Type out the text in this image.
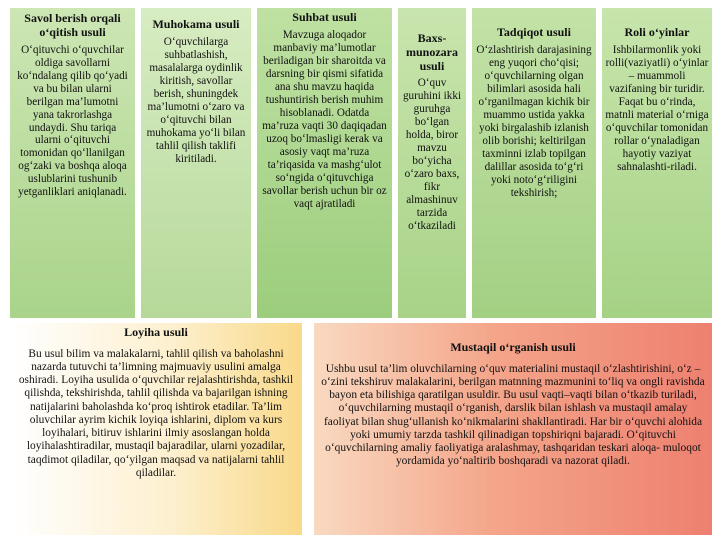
Savol berish orqali o‘qitish usuli

O‘qituvchi o‘quvchilar oldiga savollarni ko‘ndalang qilib qo‘yadi va bu bilan ularni berilgan ma’lumotni yana takrorlashga undaydi. Shu tariqa ularni o‘qituvchi tomonidan qo‘llanilgan og‘zaki va boshqa aloqa uslublarini tushunib yetganliklari aniqlanadi.

Muhokama usuli

O‘quvchilarga suhbatlashish, masalalarga oydinlik kiritish, savollar berish, shuningdek ma’lumotni o‘zaro va o‘qituvchi bilan muhokama yo‘li bilan tahlil qilish taklifi kiritiladi.

Suhbat usuli

Mavzuga aloqador manbaviy ma’lumotlar beriladigan bir sharoitda va darsning bir qismi sifatida ana shu mavzu haqida tushuntirish berish muhim hisoblanadi. Odatda ma’ruza vaqti 30 daqiqadan uzoq bo‘lmasligi kerak va asosiy vaqt ma’ruza ta’riqasida va mashg‘ulot so‘ngida o‘qituvchiga savollar berish uchun bir oz vaqt ajratiladi

Baxs-munozara usuli

O‘quv guruhini ikki guruhga bo‘lgan holda, biror mavzu bo‘yicha o‘zaro baxs, fikr almashinuv tarzida o‘tkaziladi

Tadqiqot usuli

O‘zlashtirish darajasining eng yuqori cho‘qisi; o‘quvchilarning olgan bilimlari asosida hali o‘rganilmagan kichik bir muammo ustida yakka yoki birgalashib izlanish olib borishi; keltirilgan taxminni izlab topilgan dalillar asosida to‘g‘ri yoki noto‘g‘riligini tekshirish;

Roli o‘yinlar

Ishbilarmonlik yoki rolli(vaziyatli) o‘yinlar – muammoli vazifaning bir turidir. Faqat bu o‘rinda, matnli material o‘rniga o‘quvchilar tomonidan rollar o‘ynaladigan hayotiy vaziyat sahnalashti-riladi.

Loyiha usuli

Bu usul bilim va malakalarni, tahlil qilish va baholashni nazarda tutuvchi ta’limning majmuaviy usulini amalga oshiradi. Loyiha usulida o‘quvchilar rejalashtirishda, tashkil qilishda, tekshirishda, tahlil qilishda va bajarilgan ishning natijalarini baholashda ko‘proq ishtirok etadilar. Ta’lim oluvchilar ayrim kichik loyiqa ishlarini, diplom va kurs loyihalari, bitiruv ishlarini ilmiy asoslangan holda loyihalashtiradilar, mustaqil bajaradilar, ularni yozadilar, taqdimot qiladilar, qo‘yilgan maqsad va natijalarni tahlil qiladilar.

Mustaqil o‘rganish usuli

Ushbu usul ta’lim oluvchilarning o‘quv materialini mustaqil o‘zlashtirishini, o‘z – o‘zini tekshiruv malakalarini, berilgan matnning mazmunini to‘liq va ongli ravishda bayon eta bilishiga qaratilgan usuldir. Bu usul vaqti–vaqti bilan o‘tkazib turiladi, o‘quvchilarning mustaqil o‘rganish, darslik bilan ishlash va mustaqil amalay faoliyat bilan shug‘ullanish ko‘nikmalarini shakllantiradi. Har bir o‘quvchi alohida yoki umumiy tarzda tashkil qilinadigan topshiriqni bajaradi. O‘qituvchi o‘quvchilarning amaliy faoliyatiga aralashmay, tashqaridan teskari aloqa- muloqot yordamida yo‘naltirib boshqaradi va nazorat qiladi.
